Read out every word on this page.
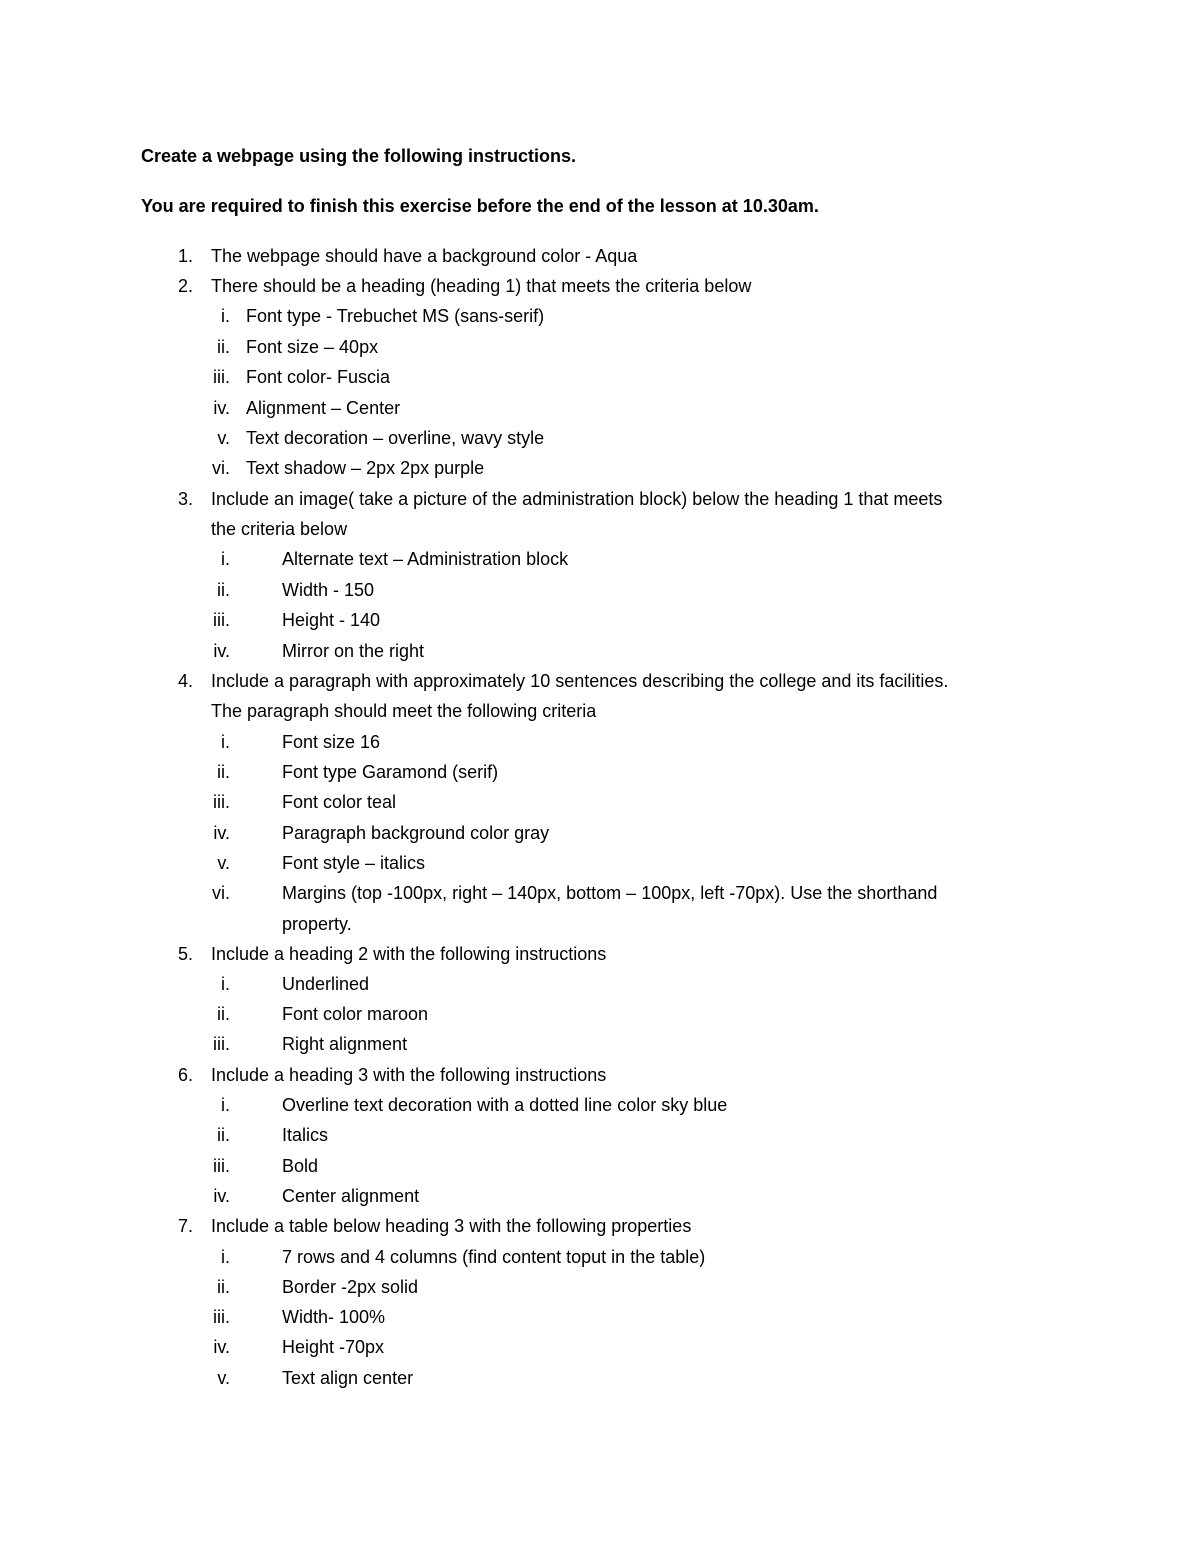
Create a webpage using the following instructions.
You are required to finish this exercise before the end of the lesson at 10.30am.
1. The webpage should have a background color - Aqua
2. There should be a heading (heading 1) that meets the criteria below
i. Font type - Trebuchet MS (sans-serif)
ii. Font size – 40px
iii. Font color- Fuscia
iv. Alignment – Center
v. Text decoration – overline, wavy style
vi. Text shadow – 2px 2px purple
3. Include an image( take a picture of the administration block) below the heading 1 that meets
the criteria below
i.	Alternate text – Administration block
ii.	Width - 150
iii.	Height - 140
iv.	Mirror on the right
4. Include a paragraph with approximately 10 sentences describing the college and its facilities.
The paragraph should meet the following criteria
i.	Font size 16
ii.	Font type Garamond (serif)
iii.	Font color teal
iv.	Paragraph background color gray
v.	Font style – italics
vi.	Margins (top -100px, right – 140px, bottom – 100px, left -70px). Use the shorthand
property.
5. Include a heading 2 with the following instructions
i.	Underlined
ii.	Font color maroon
iii.	Right alignment
6. Include a heading 3 with the following instructions
i.	Overline text decoration with a dotted line color sky blue
ii.	Italics
iii.	Bold
iv.	Center alignment
7. Include a table below heading 3 with the following properties
i.	7 rows and 4 columns (find content toput in the table)
ii.	Border -2px solid
iii.	Width- 100%
iv.	Height -70px
v.	Text align center
